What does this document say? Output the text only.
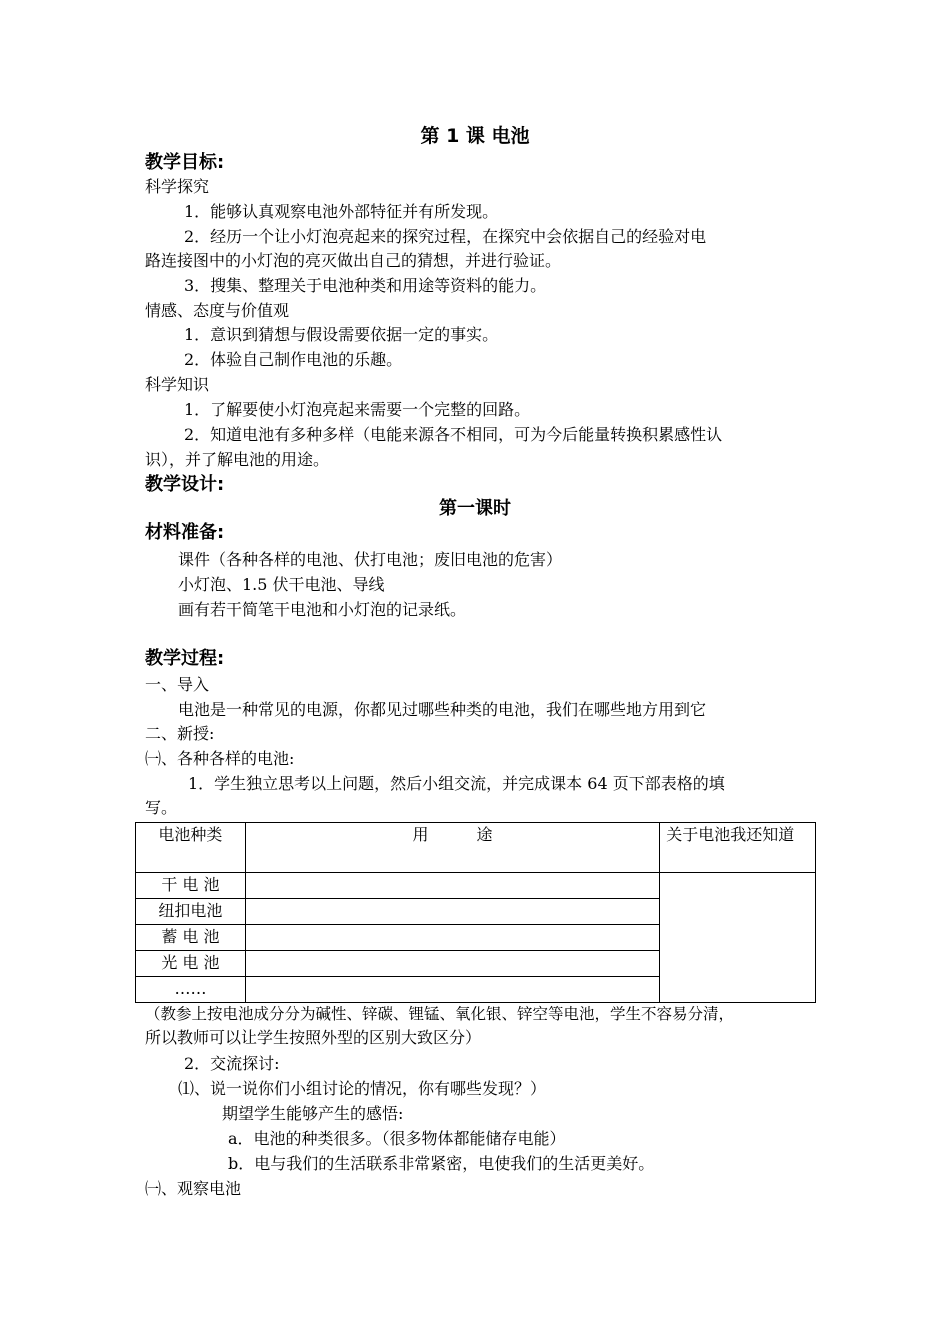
第 1 课 电池
教学目标:
科学探究
1．能够认真观察电池外部特征并有所发现。
2．经历一个让小灯泡亮起来的探究过程，在探究中会依据自己的经验对电
路连接图中的小灯泡的亮灭做出自己的猜想，并进行验证。
3．搜集、整理关于电池种类和用途等资料的能力。
情感、态度与价值观
1．意识到猜想与假设需要依据一定的事实。
2．体验自己制作电池的乐趣。
科学知识
1．了解要使小灯泡亮起来需要一个完整的回路。
2．知道电池有多种多样（电能来源各不相同，可为今后能量转换积累感性认
识），并了解电池的用途。
教学设计:
第一课时
材料准备:
课件（各种各样的电池、伏打电池；废旧电池的危害）
小灯泡、1.5 伏干电池、导线
画有若干简笔干电池和小灯泡的记录纸。
教学过程:
一、导入
电池是一种常见的电源，你都见过哪些种类的电池，我们在哪些地方用到它
二、新授:
㈠、各种各样的电池:
1．学生独立思考以上问题，然后小组交流，并完成课本 64 页下部表格的填
写。
电池种类	用　　　途	关于电池我还知道
干 电 池		
纽扣电池		
蓄 电 池		
光 电 池		
……		
（教参上按电池成分分为碱性、锌碳、锂锰、氧化银、锌空等电池，学生不容易分清，
所以教师可以让学生按照外型的区别大致区分）
2．交流探讨:
⑴、说一说你们小组讨论的情况，你有哪些发现？）
期望学生能够产生的感悟:
a．电池的种类很多。（很多物体都能储存电能）
b．电与我们的生活联系非常紧密，电使我们的生活更美好。
㈠、观察电池
